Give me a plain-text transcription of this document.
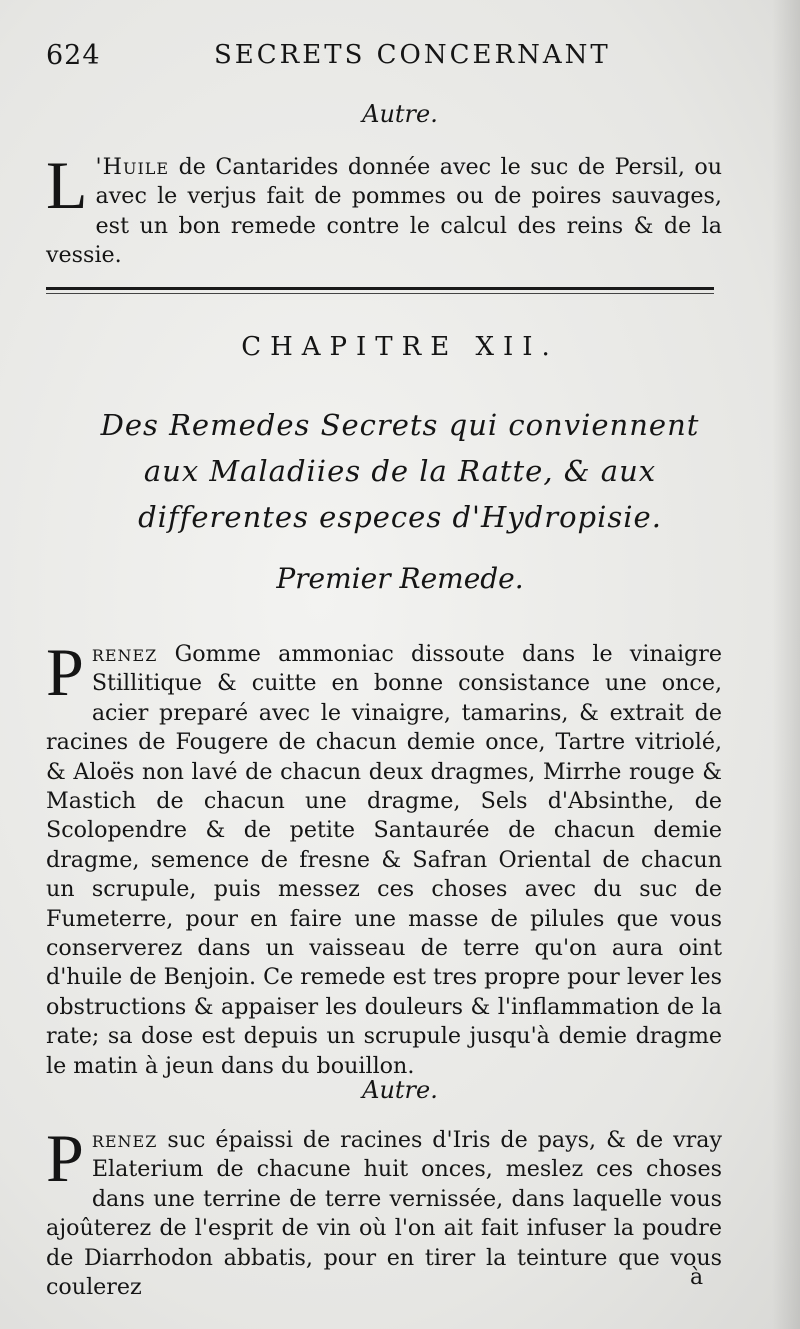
624	SECRETS CONCERNANT
Autre.

L 'Huile de Cantarides donnée avec le suc de Persil, ou avec le verjus fait de pommes ou de poires sauvages, est un bon remede contre le calcul des reins & de la vessie.

CHAPITRE XII.
Des Remedes Secrets qui conviennent aux Maladiies de la Ratte, & aux differentes especes d'Hydropisie.
Premier Remede.

Prenez Gomme ammoniac dissoute dans le vinaigre Stillitique & cuitte en bonne consistance une once, acier preparé avec le vinaigre, tamarins, & extrait de racines de Fougere de chacun demie once, Tartre vitriolé, & Aloës non lavé de chacun deux dragmes, Mirrhe rouge & Mastich de chacun une dragme, Sels d'Absinthe, de Scolopendre & de petite Santaurée de chacun demie dragme, semence de fresne & Safran Oriental de chacun un scrupule, puis messez ces choses avec du suc de Fumeterre, pour en faire une masse de pilules que vous conserverez dans un vaisseau de terre qu'on aura oint d'huile de Benjoin. Ce remede est tres propre pour lever les obstructions & appaiser les douleurs & l'inflammation de la rate; sa dose est depuis un scrupule jusqu'à demie dragme le matin à jeun dans du bouillon.

Autre.

Prenez suc épaissi de racines d'Iris de pays, & de vray Elaterium de chacune huit onces, meslez ces choses dans une terrine de terre vernissée, dans laquelle vous ajoûterez de l'esprit de vin où l'on ait fait infuser la poudre de Diarrhodon abbatis, pour en tirer la teinture que vous coulerez	à
